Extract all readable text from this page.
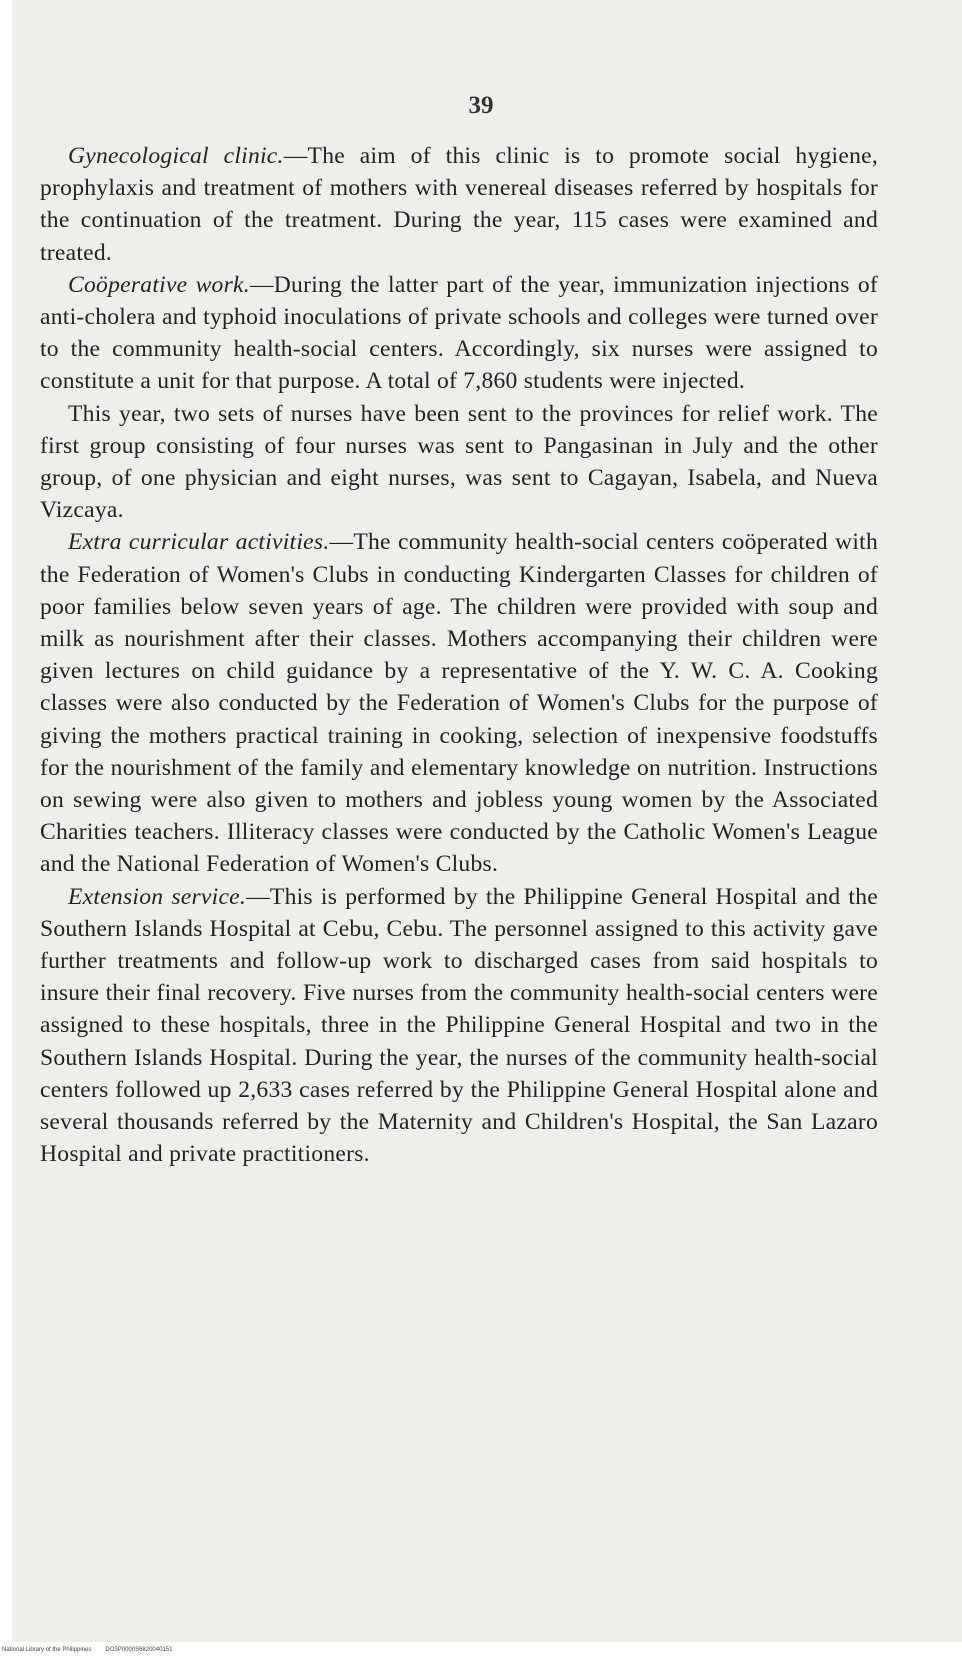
39

Gynecological clinic.—The aim of this clinic is to promote social hygiene, prophylaxis and treatment of mothers with venereal diseases referred by hospitals for the continuation of the treatment. During the year, 115 cases were examined and treated.

Coöperative work.—During the latter part of the year, immunization injections of anti-cholera and typhoid inoculations of private schools and colleges were turned over to the community health-social centers. Accordingly, six nurses were assigned to constitute a unit for that purpose. A total of 7,860 students were injected.

This year, two sets of nurses have been sent to the provinces for relief work. The first group consisting of four nurses was sent to Pangasinan in July and the other group, of one physician and eight nurses, was sent to Cagayan, Isabela, and Nueva Vizcaya.

Extra curricular activities.—The community health-social centers coöperated with the Federation of Women's Clubs in conducting Kindergarten Classes for children of poor families below seven years of age. The children were provided with soup and milk as nourishment after their classes. Mothers accompanying their children were given lectures on child guidance by a representative of the Y. W. C. A. Cooking classes were also conducted by the Federation of Women's Clubs for the purpose of giving the mothers practical training in cooking, selection of inexpensive foodstuffs for the nourishment of the family and elementary knowledge on nutrition. Instructions on sewing were also given to mothers and jobless young women by the Associated Charities teachers. Illiteracy classes were conducted by the Catholic Women's League and the National Federation of Women's Clubs.

Extension service.—This is performed by the Philippine General Hospital and the Southern Islands Hospital at Cebu, Cebu. The personnel assigned to this activity gave further treatments and follow-up work to discharged cases from said hospitals to insure their final recovery. Five nurses from the community health-social centers were assigned to these hospitals, three in the Philippine General Hospital and two in the Southern Islands Hospital. During the year, the nurses of the community health-social centers followed up 2,633 cases referred by the Philippine General Hospital alone and several thousands referred by the Maternity and Children's Hospital, the San Lazaro Hospital and private practitioners.

National Library of the Philippines DO3P0000S6820040151
